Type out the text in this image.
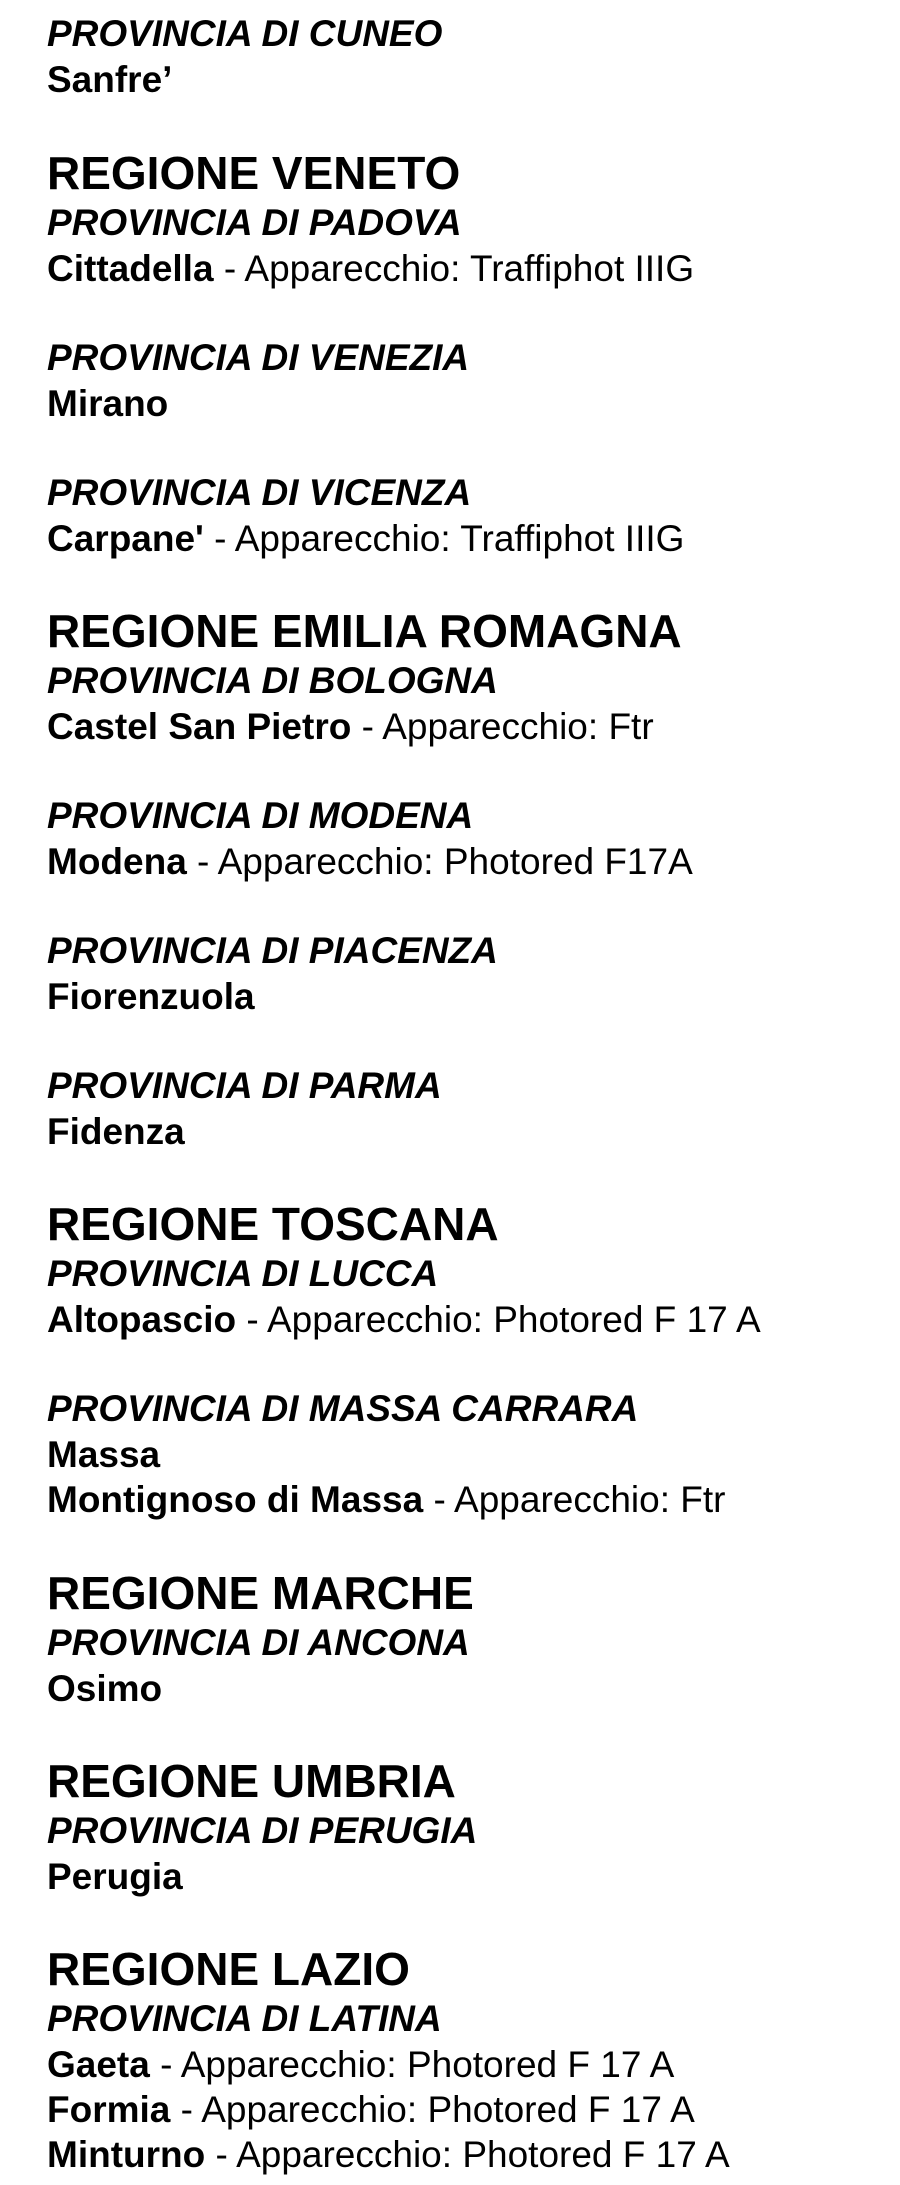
PROVINCIA DI CUNEO
Sanfre’
REGIONE VENETO
PROVINCIA DI PADOVA
Cittadella - Apparecchio: Traffiphot IIIG
PROVINCIA DI VENEZIA
Mirano
PROVINCIA DI VICENZA
Carpane' - Apparecchio: Traffiphot IIIG
REGIONE EMILIA ROMAGNA
PROVINCIA DI BOLOGNA
Castel San Pietro - Apparecchio: Ftr
PROVINCIA DI MODENA
Modena - Apparecchio: Photored F17A
PROVINCIA DI PIACENZA
Fiorenzuola
PROVINCIA DI PARMA
Fidenza
REGIONE TOSCANA
PROVINCIA DI LUCCA
Altopascio - Apparecchio: Photored F 17 A
PROVINCIA DI MASSA CARRARA
Massa
Montignoso di Massa - Apparecchio: Ftr
REGIONE MARCHE
PROVINCIA DI ANCONA
Osimo
REGIONE UMBRIA
PROVINCIA DI PERUGIA
Perugia
REGIONE LAZIO
PROVINCIA DI LATINA
Gaeta - Apparecchio: Photored F 17 A
Formia - Apparecchio: Photored F 17 A
Minturno - Apparecchio: Photored F 17 A
